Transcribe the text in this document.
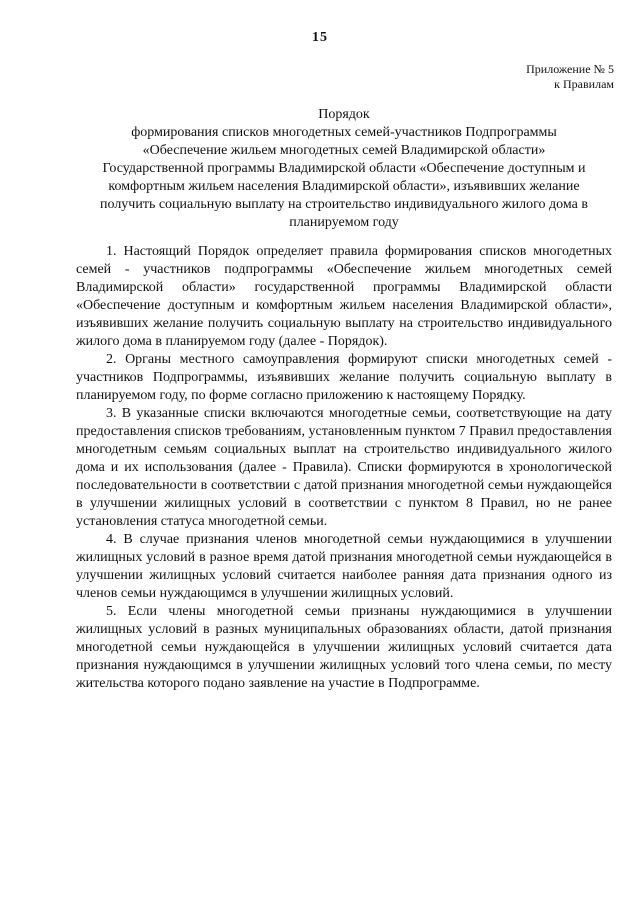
15
Приложение № 5
к Правилам
Порядок
формирования списков многодетных семей-участников Подпрограммы
«Обеспечение жильем многодетных семей Владимирской области»
Государственной программы Владимирской области «Обеспечение доступным и
комфортным жильем населения Владимирской области», изъявивших желание
получить социальную выплату на строительство индивидуального жилого дома в
планируемом году

1. Настоящий Порядок определяет правила формирования списков многодетных семей - участников подпрограммы «Обеспечение жильем многодетных семей Владимирской области» государственной программы Владимирской области «Обеспечение доступным и комфортным жильем населения Владимирской области», изъявивших желание получить социальную выплату на строительство индивидуального жилого дома в планируемом году (далее - Порядок).

2. Органы местного самоуправления формируют списки многодетных семей - участников Подпрограммы, изъявивших желание получить социальную выплату в планируемом году, по форме согласно приложению к настоящему Порядку.

3. В указанные списки включаются многодетные семьи, соответствующие на дату предоставления списков требованиям, установленным пунктом 7 Правил предоставления многодетным семьям социальных выплат на строительство индивидуального жилого дома и их использования (далее - Правила). Списки формируются в хронологической последовательности в соответствии с датой признания многодетной семьи нуждающейся в улучшении жилищных условий в соответствии с пунктом 8 Правил, но не ранее установления статуса многодетной семьи.

4. В случае признания членов многодетной семьи нуждающимися в улучшении жилищных условий в разное время датой признания многодетной семьи нуждающейся в улучшении жилищных условий считается наиболее ранняя дата признания одного из членов семьи нуждающимся в улучшении жилищных условий.

5. Если члены многодетной семьи признаны нуждающимися в улучшении жилищных условий в разных муниципальных образованиях области, датой признания многодетной семьи нуждающейся в улучшении жилищных условий считается дата признания нуждающимся в улучшении жилищных условий того члена семьи, по месту жительства которого подано заявление на участие в Подпрограмме.
